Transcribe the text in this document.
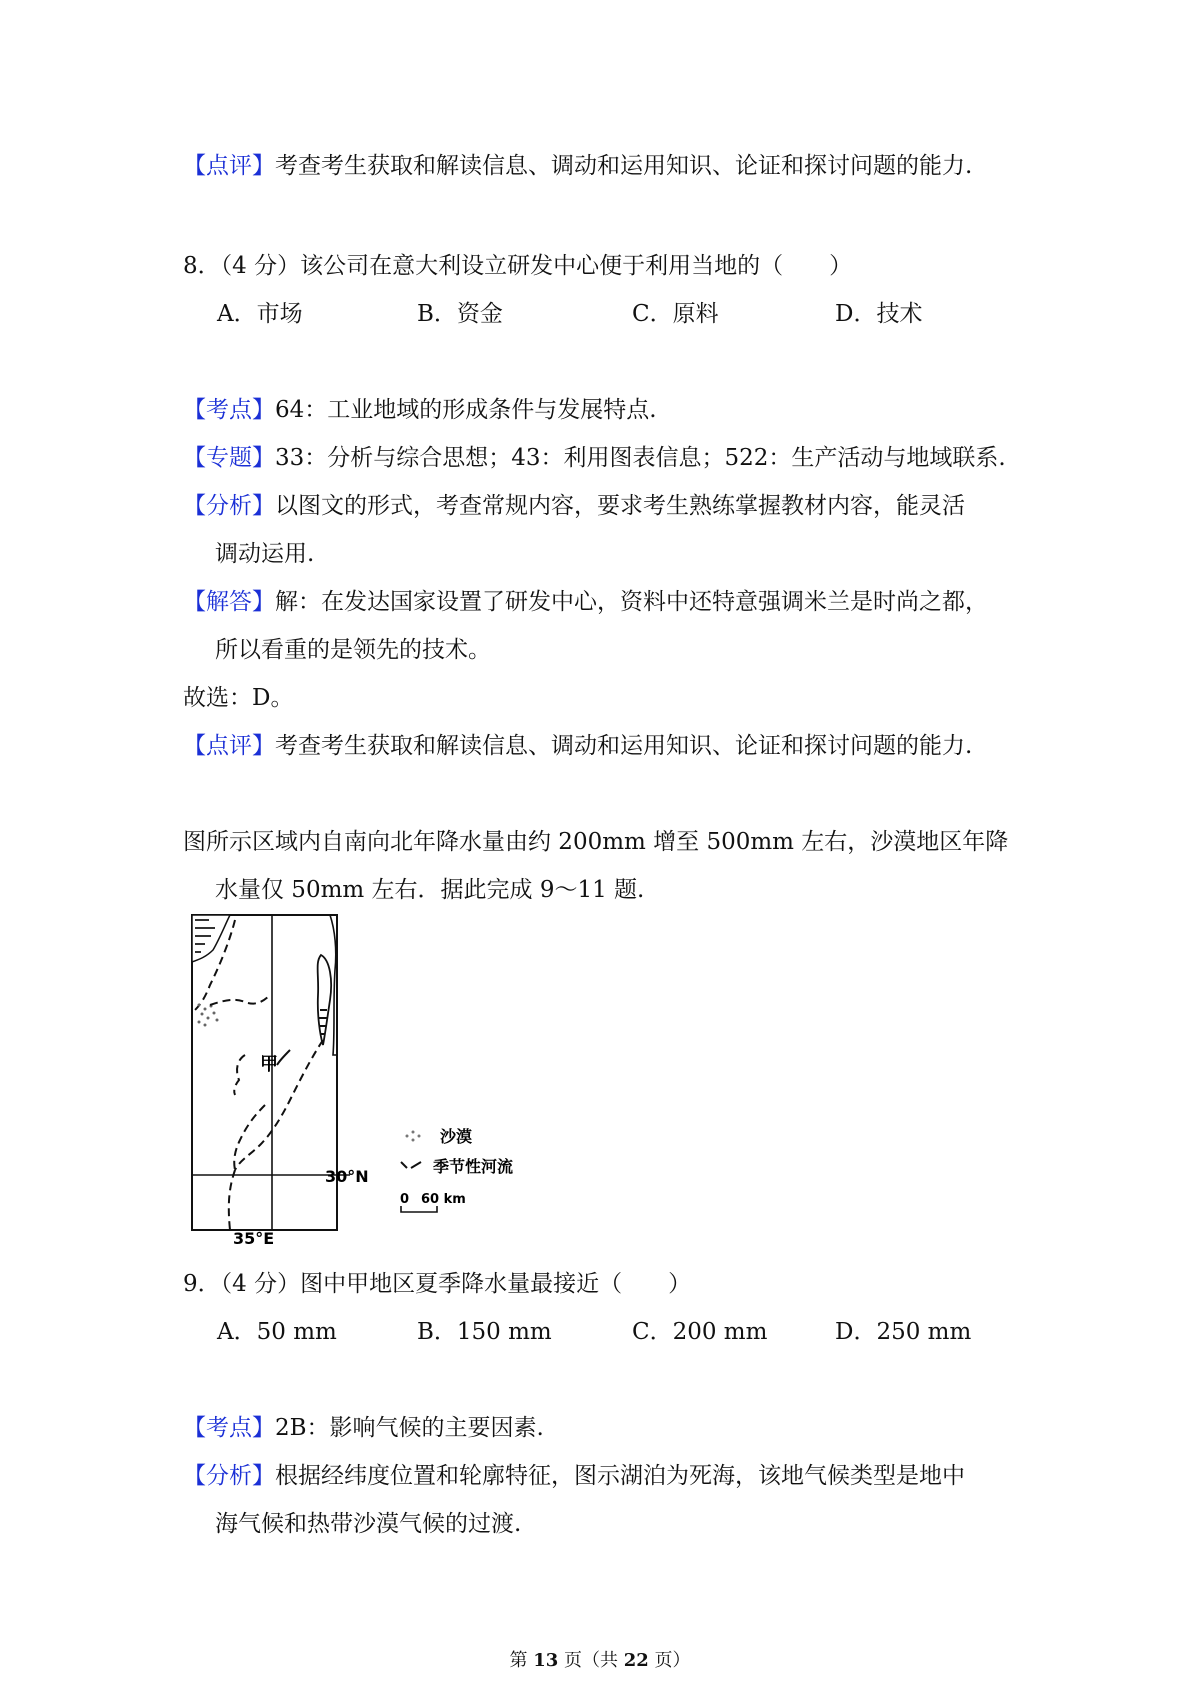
【点评】考查考生获取和解读信息、调动和运用知识、论证和探讨问题的能力.
8．（4 分）该公司在意大利设立研发中心便于利用当地的（　　）
A．市场	B．资金	C．原料	D．技术
【考点】64：工业地域的形成条件与发展特点.
【专题】33：分析与综合思想；43：利用图表信息；522：生产活动与地域联系.
【分析】以图文的形式，考查常规内容，要求考生熟练掌握教材内容，能灵活
调动运用.
【解答】解：在发达国家设置了研发中心，资料中还特意强调米兰是时尚之都，
所以看重的是领先的技术。
故选：D。
【点评】考查考生获取和解读信息、调动和运用知识、论证和探讨问题的能力.
图所示区域内自南向北年降水量由约 200mm 增至 500mm 左右，沙漠地区年降
水量仅 50mm 左右．据此完成 9～11 题.
甲
30°N
35°E
沙漠
季节性河流
0 60 km
9．（4 分）图中甲地区夏季降水量最接近（　　）
A．50 mm	B．150 mm	C．200 mm	D．250 mm
【考点】2B：影响气候的主要因素.
【分析】根据经纬度位置和轮廓特征，图示湖泊为死海，该地气候类型是地中
海气候和热带沙漠气候的过渡.
第 13 页（共 22 页）
